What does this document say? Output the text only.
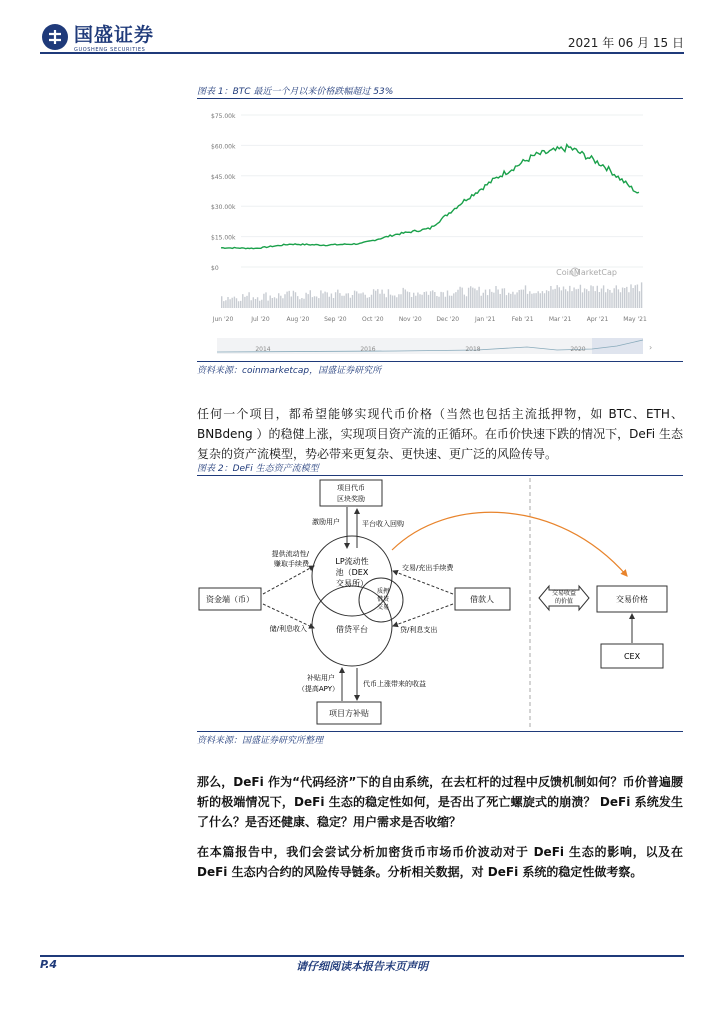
国盛证券
GUOSHENG SECURITIES	2021 年 06 月 15 日
图表 1：BTC 最近一个月以来价格跌幅超过 53%
$75.00k
$60.00k
$45.00k
$30.00k
$15.00k
$0	CoinMarketCap
Jun '20	Jul '20	Aug '20 Sep '20	Oct '20	Nov '20 Dec '20	Jan '21	Feb '21	Mar '21	Apr '21 May '21
2014	2016	2018	2020	›
资料来源：coinmarketcap，国盛证券研究所
任何一个项目，都希望能够实现代币价格（当然也包括主流抵押物，如 BTC、ETH、BNBdeng ）的稳健上涨，实现项目资产流的正循环。在币价快速下跌的情况下，DeFi 生态复杂的资产流模型，势必带来更复杂、更快速、更广泛的风险传导。
图表 2：DeFi 生态资产流模型
项目代币
区块奖励
激励用户	平台收入回购
LP流动性
池（DEX
交易所）
借贷平台
质押
借贷
交易
资金端（币）
提供流动性/
赚取手续费
储/利息收入
借款人
交易/充出手续费
贷/利息支出
交易收益
的价值	交易价格
CEX
项目方补贴
补贴用户
（提高APY）
代币上涨带来的收益
资料来源：国盛证券研究所整理
那么，DeFi 作为“代码经济”下的自由系统，在去杠杆的过程中反馈机制如何？币价普遍腰斩的极端情况下，DeFi 生态的稳定性如何，是否出了死亡螺旋式的崩溃？ DeFi 系统发生了什么？是否还健康、稳定？用户需求是否收缩？
在本篇报告中，我们会尝试分析加密货币市场币价波动对于 DeFi 生态的影响，以及在 DeFi 生态内合约的风险传导链条。分析相关数据，对 DeFi 系统的稳定性做考察。
P.4	请仔细阅读本报告末页声明
